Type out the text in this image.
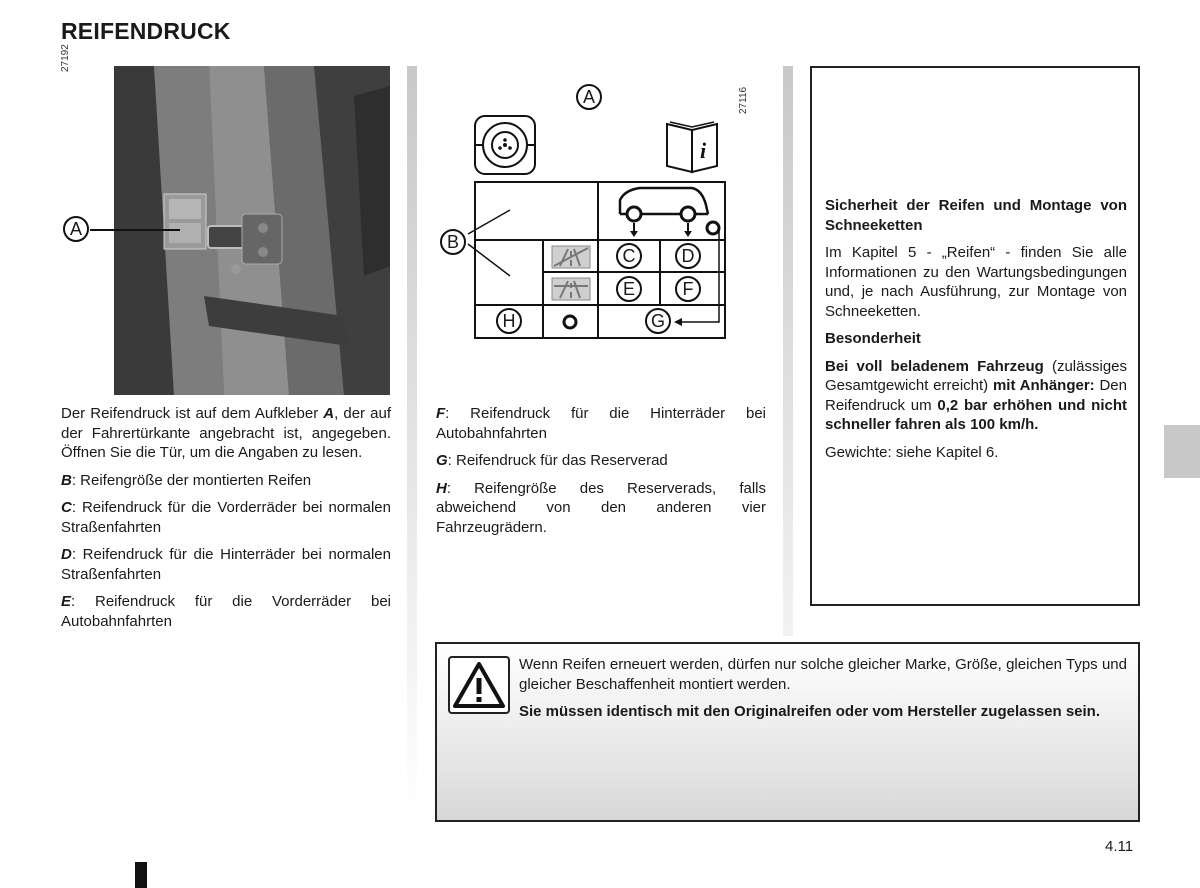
REIFENDRUCK
27192
A
27116
A
i
B
C	D
E	F
G
H

Der Reifendruck ist auf dem Aufkleber A, der auf der Fahrertürkante angebracht ist, angegeben. Öffnen Sie die Tür, um die Angaben zu lesen.

B: Reifengröße der montierten Reifen

C: Reifendruck für die Vorderräder bei normalen Straßenfahrten

D: Reifendruck für die Hinterräder bei normalen Straßenfahrten

E: Reifendruck für die Vorderräder bei Autobahnfahrten

F: Reifendruck für die Hinterräder bei Autobahnfahrten

G: Reifendruck für das Reserverad

H: Reifengröße des Reserverads, falls abweichend von den anderen vier Fahrzeugrädern.

Sicherheit der Reifen und Montage von Schneeketten

Im Kapitel 5 - „Reifen“ - finden Sie alle Informationen zu den Wartungsbedingungen und, je nach Ausführung, zur Montage von Schneeketten.

Besonderheit

Bei voll beladenem Fahrzeug (zulässiges Gesamtgewicht erreicht) mit Anhänger: Den Reifendruck um 0,2 bar erhöhen und nicht schneller fahren als 100 km/h.

Gewichte: siehe Kapitel 6.

Wenn Reifen erneuert werden, dürfen nur solche gleicher Marke, Größe, gleichen Typs und gleicher Beschaffenheit montiert werden.

Sie müssen identisch mit den Originalreifen oder vom Hersteller zugelassen sein.

4.11
